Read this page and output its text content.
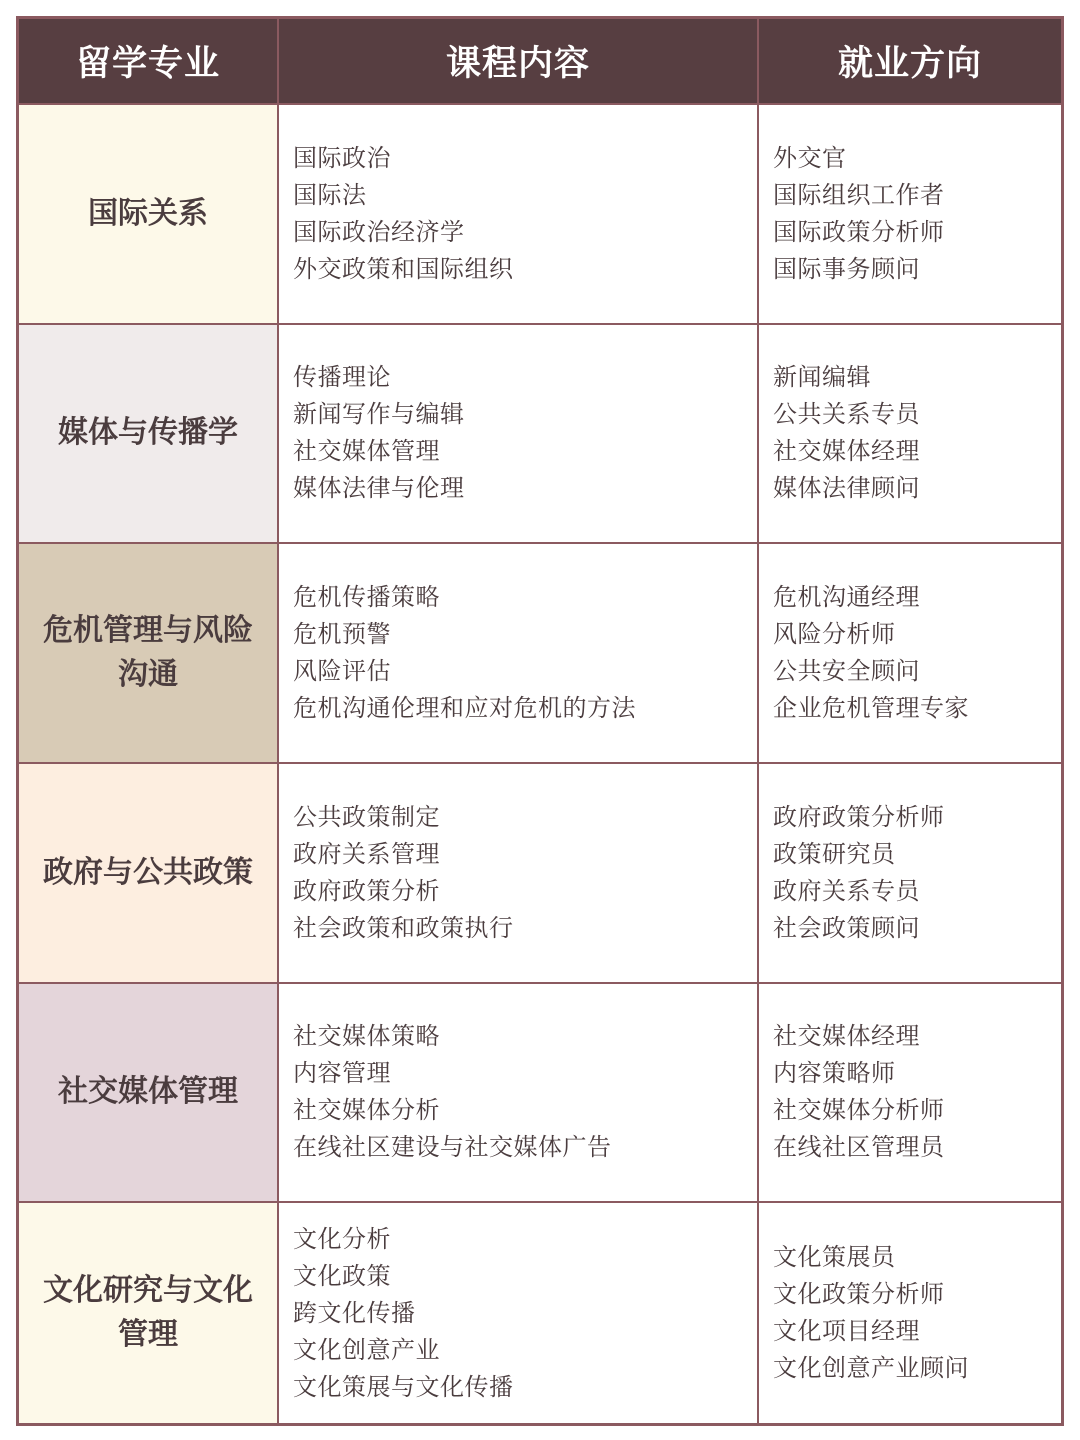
留学专业	课程内容	就业方向
国际关系
国际政治
国际法
国际政治经济学
外交政策和国际组织
外交官
国际组织工作者
国际政策分析师
国际事务顾问
媒体与传播学
传播理论
新闻写作与编辑
社交媒体管理
媒体法律与伦理
新闻编辑
公共关系专员
社交媒体经理
媒体法律顾问
危机管理与风险沟通
危机传播策略
危机预警
风险评估
危机沟通伦理和应对危机的方法
危机沟通经理
风险分析师
公共安全顾问
企业危机管理专家
政府与公共政策
公共政策制定
政府关系管理
政府政策分析
社会政策和政策执行
政府政策分析师
政策研究员
政府关系专员
社会政策顾问
社交媒体管理
社交媒体策略
内容管理
社交媒体分析
在线社区建设与社交媒体广告
社交媒体经理
内容策略师
社交媒体分析师
在线社区管理员
文化研究与文化管理
文化分析
文化政策
跨文化传播
文化创意产业
文化策展与文化传播
文化策展员
文化政策分析师
文化项目经理
文化创意产业顾问
